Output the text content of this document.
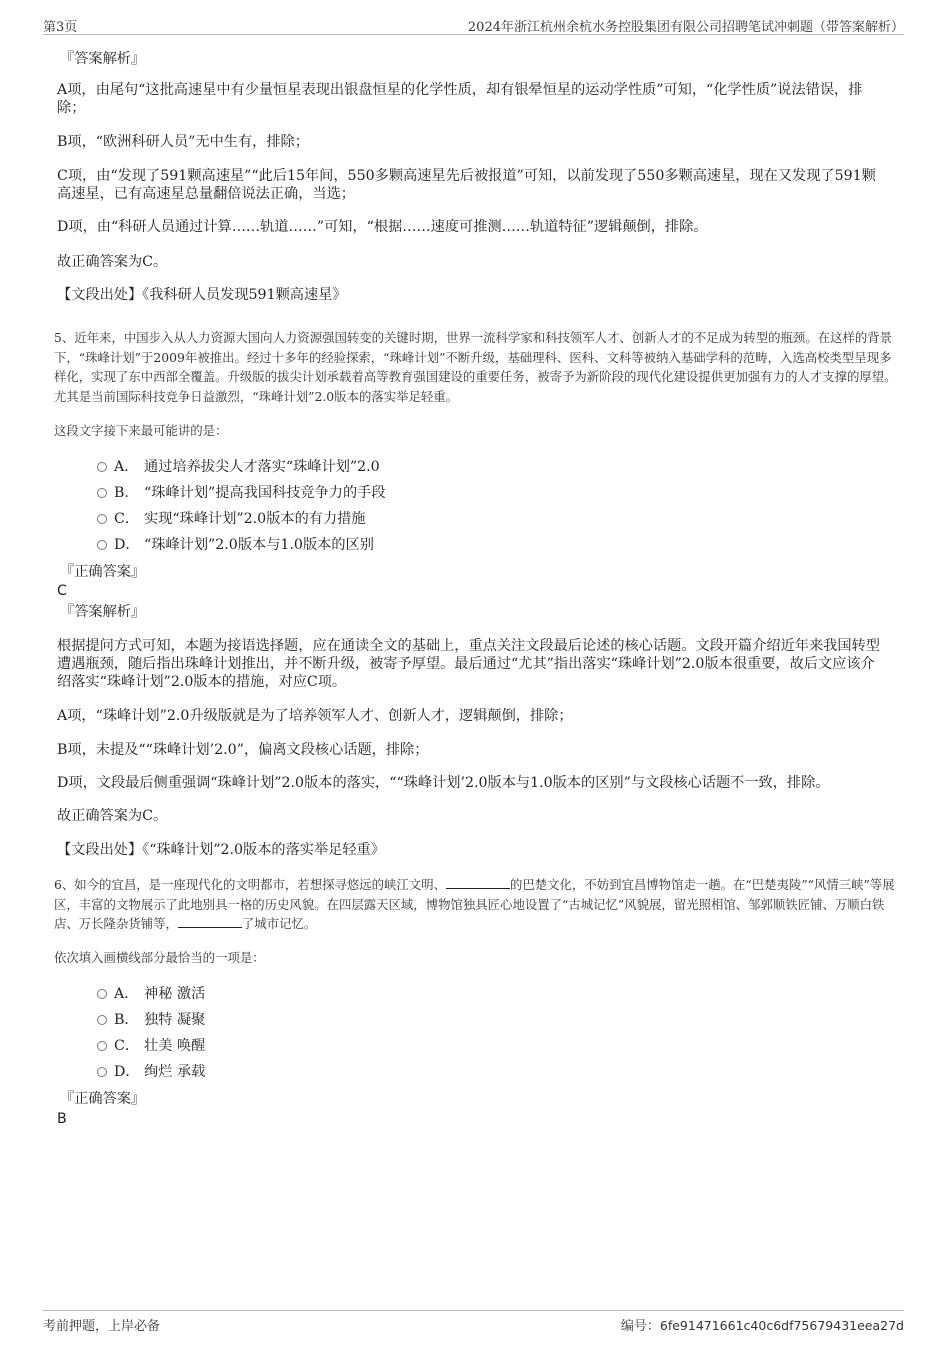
第3页	2024年浙江杭州余杭水务控股集团有限公司招聘笔试冲刺题（带答案解析）

『答案解析』

A项，由尾句“这批高速星中有少量恒星表现出银盘恒星的化学性质，却有银晕恒星的运动学性质”可知，“化学性质”说法错误，排除；

B项，“欧洲科研人员”无中生有，排除；

C项，由“发现了591颗高速星”“此后15年间，550多颗高速星先后被报道”可知，以前发现了550多颗高速星，现在又发现了591颗高速星，已有高速星总量翻倍说法正确，当选；

D项，由“科研人员通过计算……轨道……”可知，“根据……速度可推测……轨道特征”逻辑颠倒，排除。

故正确答案为C。

【文段出处】《我科研人员发现591颗高速星》

5、近年来，中国步入从人力资源大国向人力资源强国转变的关键时期，世界一流科学家和科技领军人才、创新人才的不足成为转型的瓶颈。在这样的背景下，“珠峰计划”于2009年被推出。经过十多年的经验探索，“珠峰计划”不断升级，基础理科、医科、文科等被纳入基础学科的范畴，入选高校类型呈现多样化，实现了东中西部全覆盖。升级版的拔尖计划承载着高等教育强国建设的重要任务，被寄予为新阶段的现代化建设提供更加强有力的人才支撑的厚望。尤其是当前国际科技竞争日益激烈，“珠峰计划”2.0版本的落实举足轻重。

这段文字接下来最可能讲的是：

A． 通过培养拔尖人才落实“珠峰计划”2.0
B． “珠峰计划”提高我国科技竞争力的手段
C． 实现“珠峰计划”2.0版本的有力措施
D． “珠峰计划”2.0版本与1.0版本的区别

『正确答案』

C

『答案解析』

根据提问方式可知，本题为接语选择题，应在通读全文的基础上，重点关注文段最后论述的核心话题。文段开篇介绍近年来我国转型遭遇瓶颈，随后指出珠峰计划推出，并不断升级，被寄予厚望。最后通过“尤其”指出落实“珠峰计划”2.0版本很重要，故后文应该介绍落实“珠峰计划”2.0版本的措施，对应C项。

A项，“珠峰计划”2.0升级版就是为了培养领军人才、创新人才，逻辑颠倒，排除；

B项，未提及““珠峰计划’2.0”，偏离文段核心话题，排除；

D项，文段最后侧重强调“珠峰计划”2.0版本的落实，““珠峰计划’2.0版本与1.0版本的区别”与文段核心话题不一致，排除。

故正确答案为C。

【文段出处】《“珠峰计划”2.0版本的落实举足轻重》

6、如今的宜昌，是一座现代化的文明都市，若想探寻悠远的峡江文明、	的巴楚文化，不妨到宜昌博物馆走一趟。在“巴楚夷陵”“风情三峡”等展区，丰富的文物展示了此地别具一格的历史风貌。在四层露天区域，博物馆独具匠心地设置了“古城记忆”风貌展，留光照相馆、邹郭顺铁匠铺、万顺白铁店、万长隆杂货铺等，	了城市记忆。

依次填入画横线部分最恰当的一项是：

A． 神秘 激活
B． 独特 凝聚
C． 壮美 唤醒
D． 绚烂 承载

『正确答案』

B

考前押题，上岸必备	编号：6fe91471661c40c6df75679431eea27d
